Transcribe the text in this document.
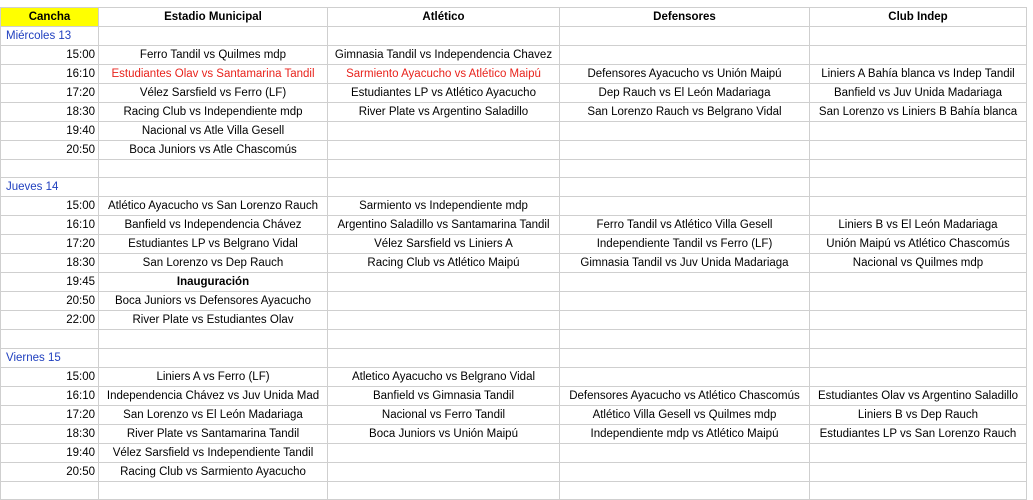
Cancha	Estadio Municipal	Atlético	Defensores	Club Indep
Miércoles 13				
15:00	Ferro Tandil vs Quilmes mdp	Gimnasia Tandil vs Independencia Chavez		
16:10	Estudiantes Olav vs Santamarina Tandil	Sarmiento Ayacucho vs Atlético Maipú	Defensores Ayacucho vs Unión Maipú	Liniers A Bahía blanca vs Indep Tandil
17:20	Vélez Sarsfield vs Ferro (LF)	Estudiantes LP vs Atlético Ayacucho	Dep Rauch vs El León Madariaga	Banfield vs Juv Unida Madariaga
18:30	Racing Club vs Independiente mdp	River Plate vs Argentino Saladillo	San Lorenzo Rauch vs Belgrano Vidal	San Lorenzo vs Liniers B Bahía blanca
19:40	Nacional vs Atle Villa Gesell			
20:50	Boca Juniors vs Atle Chascomús			

Jueves 14				
15:00	Atlético Ayacucho vs San Lorenzo Rauch	Sarmiento vs Independiente mdp		
16:10	Banfield vs Independencia Chávez	Argentino Saladillo vs Santamarina Tandil	Ferro Tandil vs Atlético Villa Gesell	Liniers B vs El León Madariaga
17:20	Estudiantes LP vs Belgrano Vidal	Vélez Sarsfield vs Liniers A	Independiente Tandil vs Ferro (LF)	Unión Maipú vs Atlético Chascomús
18:30	San Lorenzo vs Dep Rauch	Racing Club vs Atlético Maipú	Gimnasia Tandil vs Juv Unida Madariaga	Nacional vs Quilmes mdp
19:45	Inauguración			
20:50	Boca Juniors vs Defensores Ayacucho			
22:00	River Plate vs Estudiantes Olav			

Viernes 15				
15:00	Liniers A vs Ferro (LF)	Atletico Ayacucho vs Belgrano Vidal		
16:10	Independencia Chávez vs Juv Unida Mad	Banfield vs Gimnasia Tandil	Defensores Ayacucho vs Atlético Chascomús	Estudiantes Olav vs Argentino Saladillo
17:20	San Lorenzo vs El León Madariaga	Nacional vs Ferro Tandil	Atlético Villa Gesell vs Quilmes mdp	Liniers B vs Dep Rauch
18:30	River Plate vs Santamarina Tandil	Boca Juniors vs Unión Maipú	Independiente mdp vs Atlético Maipú	Estudiantes LP vs San Lorenzo Rauch
19:40	Vélez Sarsfield vs Independiente Tandil			
20:50	Racing Club vs Sarmiento Ayacucho			
